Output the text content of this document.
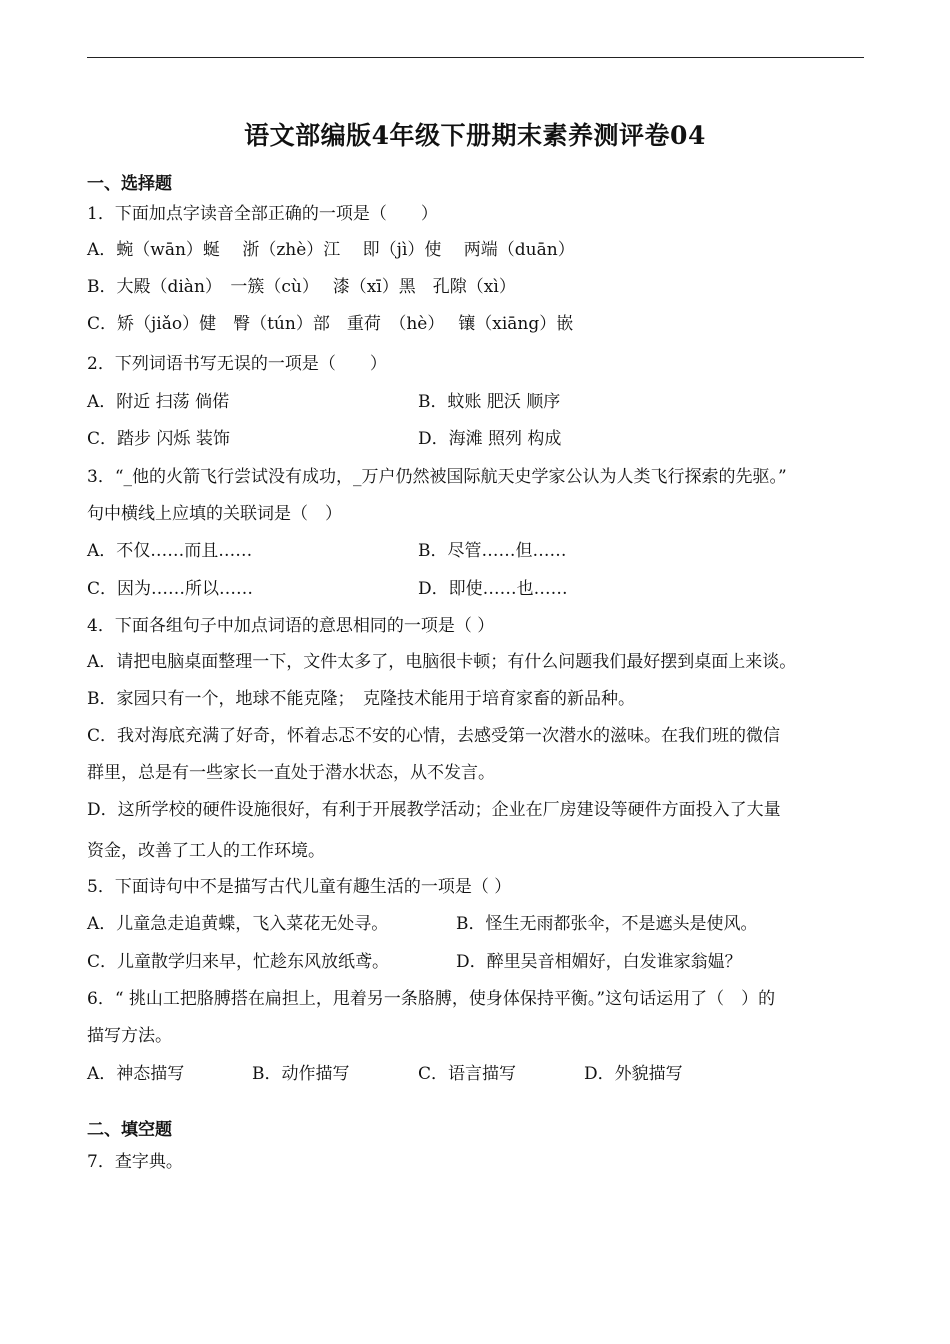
语文部编版4年级下册期末素养测评卷04
一、选择题
1．下面加点字读音全部正确的一项是（　　）
A．蜿（wān）蜒　 浙（zhè）江　 即（jì）使　 两端（duān）
B．大殿（diàn）　一簇（cù）　 漆（xī）黑　孔隙（xì）
C．矫（jiǎo）健　臀（tún）部　重荷　（hè）　 镶（xiāng）嵌
2．下列词语书写无误的一项是（　　）
A．附近 扫荡 倘偌	B．蚊账 肥沃 顺序
C．踏步 闪烁 装饰	D．海滩 照列 构成
3．“_他的火箭飞行尝试没有成功，_万户仍然被国际航天史学家公认为人类飞行探索的先驱。”
句中横线上应填的关联词是（　）
A．不仅……而且……	B．尽管……但……
C．因为……所以……	D．即使……也……
4．下面各组句子中加点词语的意思相同的一项是（ ）
A．请把电脑桌面整理一下，文件太多了，电脑很卡顿；有什么问题我们最好摆到桌面上来谈。
B．家园只有一个，地球不能克隆；　克隆技术能用于培育家畜的新品种。
C．我对海底充满了好奇，怀着忐忑不安的心情，去感受第一次潜水的滋味。在我们班的微信
群里，总是有一些家长一直处于潜水状态，从不发言。
D．这所学校的硬件设施很好，有利于开展教学活动；企业在厂房建设等硬件方面投入了大量
资金，改善了工人的工作环境。
5．下面诗句中不是描写古代儿童有趣生活的一项是（ ）
A．儿童急走追黄蝶，飞入菜花无处寻。	B．怪生无雨都张伞，不是遮头是使风。
C．儿童散学归来早，忙趁东风放纸鸢。	D．醉里吴音相媚好，白发谁家翁媪？
6．“ 挑山工把胳膊搭在扁担上，甩着另一条胳膊，使身体保持平衡。”这句话运用了（　）的
描写方法。
A．神态描写	B．动作描写	C．语言描写	D．外貌描写
二、填空题
7．查字典。
